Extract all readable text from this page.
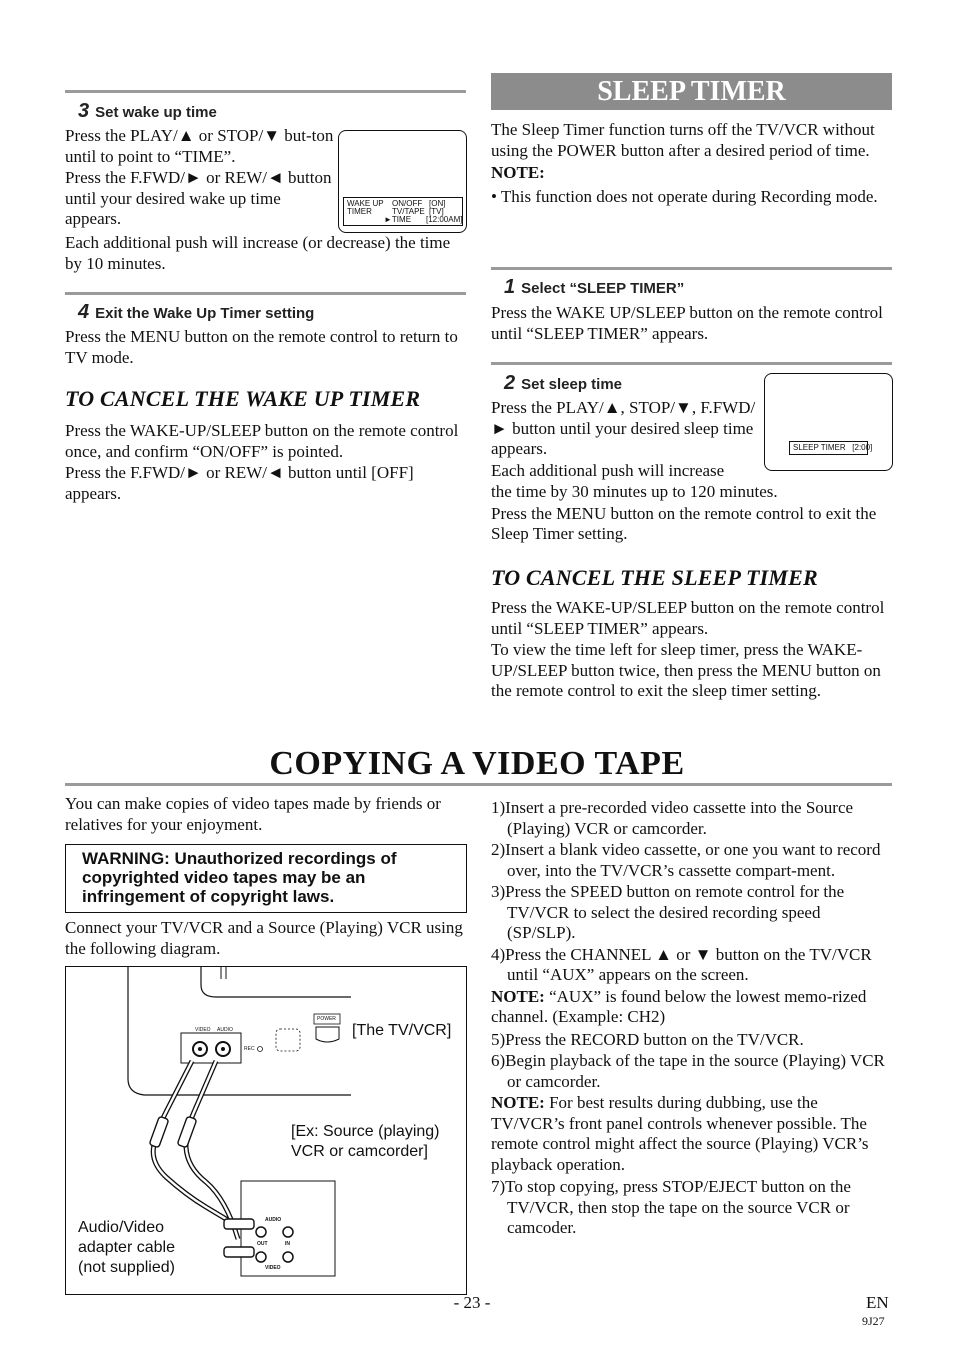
3 Set wake up time

Press the PLAY/▲ or STOP/▼ but-ton until to point to “TIME”.

Press the F.FWD/► or REW/◄ button until your desired wake up time appears.

Each additional push will increase (or decrease) the time by 10 minutes.

WAKE UP
TIMER
ON/OFF
TV/TAPE
►TIME
[ON]
[TV]
[12:00AM]
4 Exit the Wake Up Timer setting

Press the MENU button on the remote control to return to TV mode.

TO CANCEL THE WAKE UP TIMER

Press the WAKE-UP/SLEEP button on the remote control once, and confirm “ON/OFF” is pointed.

Press the F.FWD/► or REW/◄ button until [OFF] appears.

SLEEP TIMER

The Sleep Timer function turns off the TV/VCR without using the POWER button after a desired period of time.

NOTE:

• This function does not operate during Recording mode.

1 Select “SLEEP TIMER”

Press the WAKE UP/SLEEP button on the remote control until “SLEEP TIMER” appears.

2 Set sleep time

Press the PLAY/▲, STOP/▼, F.FWD/► button until your desired sleep time appears.

Each additional push will increase

the time by 30 minutes up to 120 minutes.

Press the MENU button on the remote control to exit the Sleep Timer setting.

SLEEP TIMER   [2:00]
TO CANCEL THE SLEEP TIMER

Press the WAKE-UP/SLEEP button on the remote control until “SLEEP TIMER” appears.

To view the time left for sleep timer, press the WAKE-UP/SLEEP button twice, then press the MENU button on the remote control to exit the sleep timer setting.

COPYING A VIDEO TAPE
You can make copies of video tapes made by friends or relatives for your enjoyment.
WARNING: Unauthorized recordings of copyrighted video tapes may be an infringement of copyright laws.
Connect your TV/VCR and a Source (Playing) VCR using the following diagram.
VIDEO AUDIO
REC
POWER
AUDIO
OUT	IN
VIDEO
[The TV/VCR]
[Ex: Source (playing) VCR or camcorder]
Audio/Video adapter cable (not supplied)

1)Insert a pre-recorded video cassette into the Source (Playing) VCR or camcorder.

2)Insert a blank video cassette, or one you want to record over, into the TV/VCR’s cassette compart-ment.

3)Press the SPEED button on remote control for the TV/VCR to select the desired recording speed (SP/SLP).

4)Press the CHANNEL ▲ or ▼ button on the TV/VCR until “AUX” appears on the screen.

NOTE: “AUX” is found below the lowest memo-rized channel. (Example: CH2)

5)Press the RECORD button on the TV/VCR.

6)Begin playback of the tape in the source (Playing) VCR or camcorder.

NOTE: For best results during dubbing, use the TV/VCR’s front panel controls whenever possible. The remote control might affect the source (Playing) VCR’s playback operation.

7)To stop copying, press STOP/EJECT button on the TV/VCR, then stop the tape on the source VCR or camcoder.

- 23 -	EN
9J27
